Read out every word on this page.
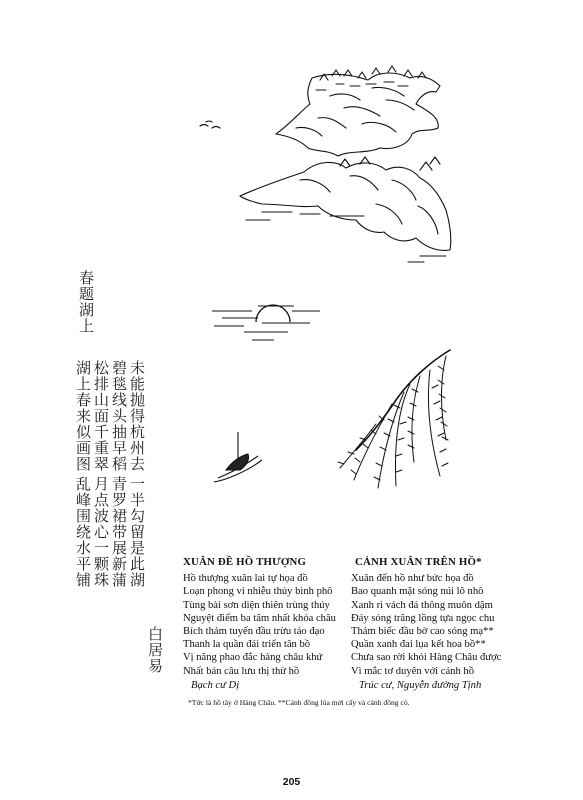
春题湖上
湖上春来似画图
乱峰围绕水平铺
松排山面千重翠
月点波心一颗珠
碧毯线头抽早稻
青罗裙带展新蒲
未能抛得杭州去
一半勾留是此湖
白居易
XUÂN ĐỀ HỒ THƯỢNG
Hồ thượng xuân lai tự họa đồ
Loạn phong vi nhiễu thủy bình phô
Tùng bài sơn diện thiên trùng thúy
Nguyệt điểm ba tâm nhất khỏa châu
Bích thảm tuyến đầu trừu tảo đạo
Thanh la quần đái triển tân bồ
Vị năng phao đắc hàng châu khứ
Nhất bán câu lưu thị thử hồ
Bạch cư Dị
CẢNH XUÂN TRÊN HỒ*
Xuân đến hồ như bức họa đồ
Bao quanh mặt sóng núi lô nhô
Xanh rì vách đá thông muôn dặm
Đáy sóng trăng lồng tựa ngọc chu
Thảm biếc đầu bờ cao sóng mạ**
Quần xanh đai lụa kết hoa bồ**
Chưa sao rời khỏi Hàng Châu được
Vì mắc tơ duyên với cảnh hồ
Trúc cư, Nguyễn đường Tịnh
*Tức là hồ tây ở Hàng Châu. **Cánh đồng lúa mới cấy và cánh đồng cỏ.
205
